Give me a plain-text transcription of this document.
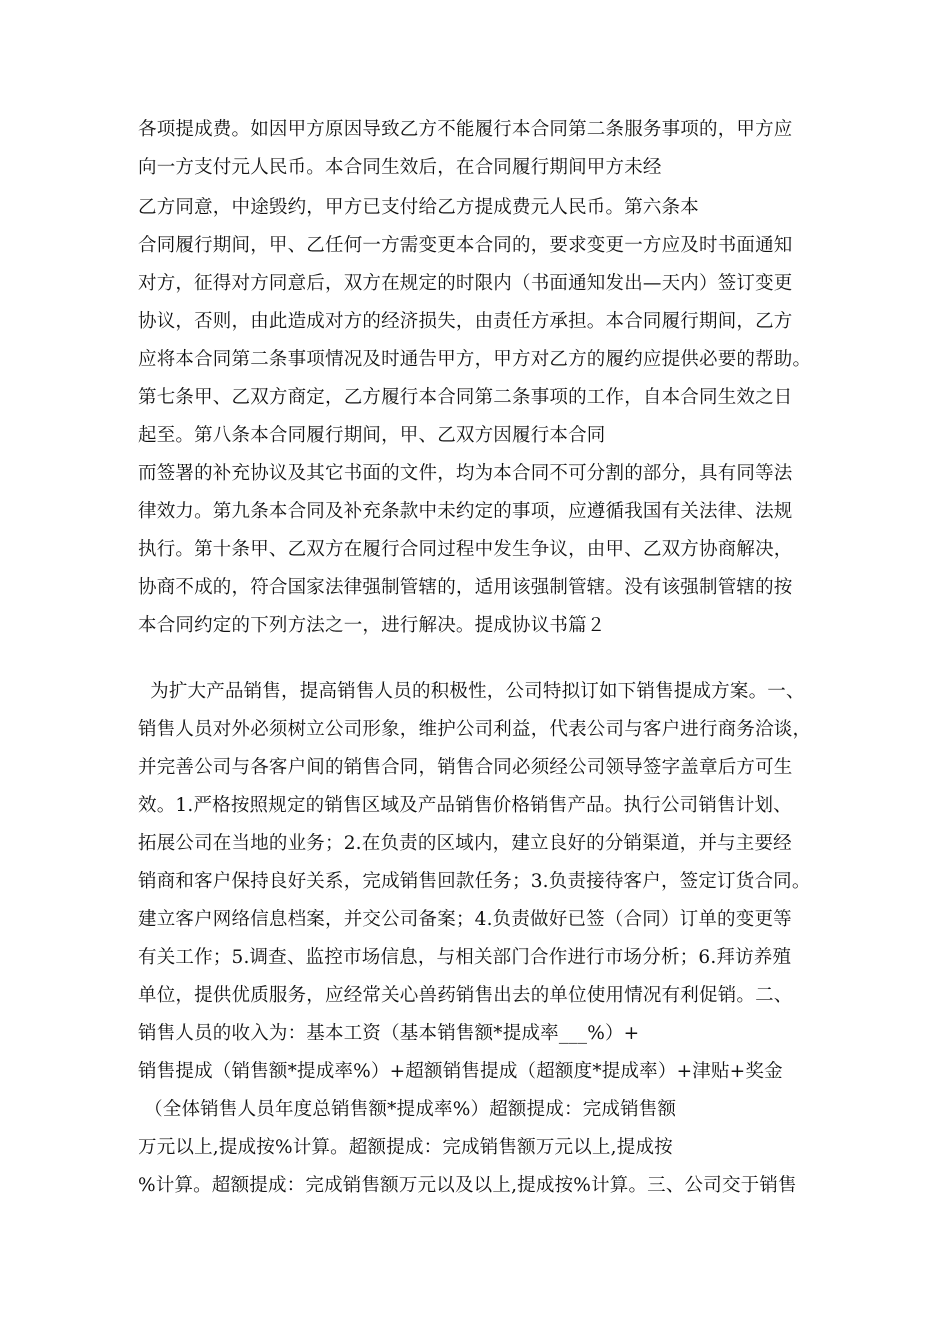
各项提成费。如因甲方原因导致乙方不能履行本合同第二条服务事项的，甲方应
向一方支付元人民币。本合同生效后，在合同履行期间甲方未经
乙方同意，中途毁约，甲方已支付给乙方提成费元人民币。第六条本
合同履行期间，甲、乙任何一方需变更本合同的，要求变更一方应及时书面通知
对方，征得对方同意后，双方在规定的时限内（书面通知发出—天内）签订变更
协议，否则，由此造成对方的经济损失，由责任方承担。本合同履行期间，乙方
应将本合同第二条事项情况及时通告甲方，甲方对乙方的履约应提供必要的帮助。
第七条甲、乙双方商定，乙方履行本合同第二条事项的工作，自本合同生效之日
起至。第八条本合同履行期间，甲、乙双方因履行本合同
而签署的补充协议及其它书面的文件，均为本合同不可分割的部分，具有同等法
律效力。第九条本合同及补充条款中未约定的事项，应遵循我国有关法律、法规
执行。第十条甲、乙双方在履行合同过程中发生争议，由甲、乙双方协商解决，
协商不成的，符合国家法律强制管辖的，适用该强制管辖。没有该强制管辖的按
本合同约定的下列方法之一，进行解决。提成协议书篇２
为扩大产品销售，提高销售人员的积极性，公司特拟订如下销售提成方案。一、
销售人员对外必须树立公司形象，维护公司利益，代表公司与客户进行商务洽谈，
并完善公司与各客户间的销售合同，销售合同必须经公司领导签字盖章后方可生
效。1.严格按照规定的销售区域及产品销售价格销售产品。执行公司销售计划、
拓展公司在当地的业务；2.在负责的区域内，建立良好的分销渠道，并与主要经
销商和客户保持良好关系，完成销售回款任务；3.负责接待客户，签定订货合同。
建立客户网络信息档案，并交公司备案；4.负责做好已签（合同）订单的变更等
有关工作；5.调查、监控市场信息，与相关部门合作进行市场分析；6.拜访养殖
单位，提供优质服务，应经常关心兽药销售出去的单位使用情况有利促销。二、
销售人员的收入为：基本工资（基本销售额*提成率___%）+
销售提成（销售额*提成率%）+超额销售提成（超额度*提成率）+津贴+奖金
（全体销售人员年度总销售额*提成率%）超额提成：完成销售额
万元以上,提成按%计算。超额提成：完成销售额万元以上,提成按
%计算。超额提成：完成销售额万元以及以上,提成按%计算。三、公司交于销售
